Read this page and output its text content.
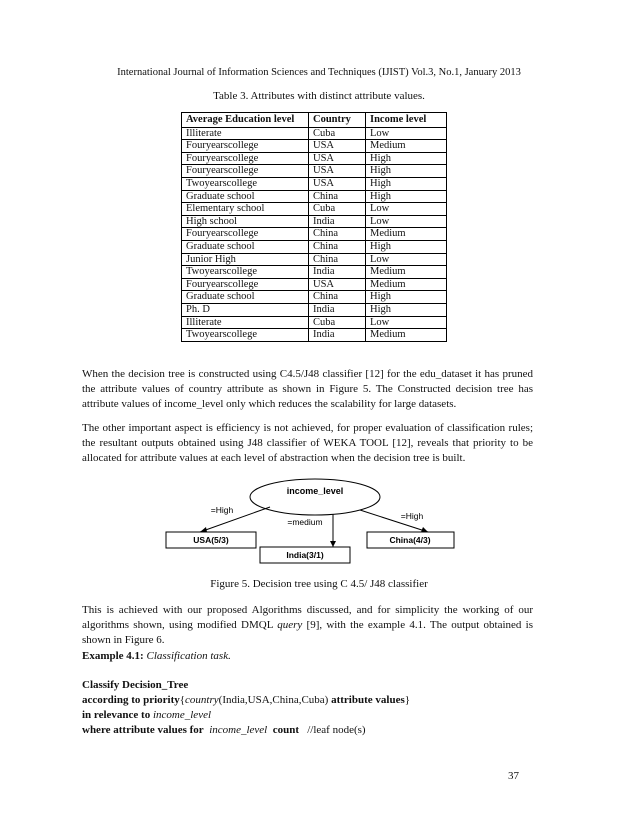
International Journal of Information Sciences and Techniques (IJIST) Vol.3, No.1, January 2013
Table 3. Attributes with distinct attribute values.
Average Education level	Country	Income level
Illiterate	Cuba	Low
Fouryearscollege	USA	Medium
Fouryearscollege	USA	High
Fouryearscollege	USA	High
Twoyearscollege	USA	High
Graduate school	China	High
Elementary school	Cuba	Low
High school	India	Low
Fouryearscollege	China	Medium
Graduate school	China	High
Junior High	China	Low
Twoyearscollege	India	Medium
Fouryearscollege	USA	Medium
Graduate school	China	High
Ph. D	India	High
Illiterate	Cuba	Low
Twoyearscollege	India	Medium

When the decision tree is constructed using C4.5/J48 classifier [12] for the edu_dataset it has pruned the attribute values of country attribute as shown in Figure 5. The Constructed decision tree has attribute values of income_level only which reduces the scalability for large datasets.

The other important aspect is efficiency is not achieved, for proper evaluation of classification rules; the resultant outputs obtained using J48 classifier of WEKA TOOL [12], reveals that priority to be allocated for attribute values at each level of abstraction when the decision tree is built.

income_level
=High
=medium
=High
USA(5/3)
India(3/1)
China(4/3)
Figure 5. Decision tree using C 4.5/ J48 classifier

This is achieved with our proposed Algorithms discussed, and for simplicity the working of our algorithms shown, using modified DMQL query [9], with the example 4.1. The output obtained is shown in Figure 6.

Example 4.1: Classification task.
Classify Decision_Tree
according to priority{country(India,USA,China,Cuba) attribute values}
in relevance to income_level
where attribute values for income_level count //leaf node(s)
37
